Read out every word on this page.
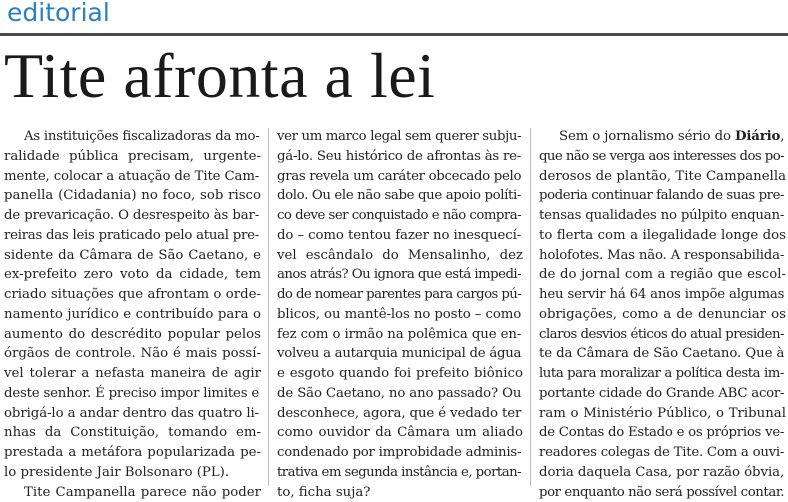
editorial
Tite afronta a lei
As instituições fiscalizadoras da mo-
ralidade pública precisam, urgente-
mente, colocar a atuação de Tite Cam-
panella (Cidadania) no foco, sob risco
de prevaricação. O desrespeito às bar-
reiras das leis praticado pelo atual pre-
sidente da Câmara de São Caetano, e
ex-prefeito zero voto da cidade, tem
criado situações que afrontam o orde-
namento jurídico e contribuído para o
aumento do descrédito popular pelos
órgãos de controle. Não é mais possí-
vel tolerar a nefasta maneira de agir
deste senhor. É preciso impor limites e
obrigá-lo a andar dentro das quatro li-
nhas da Constituição, tomando em-
prestada a metáfora popularizada pe-
lo presidente Jair Bolsonaro (PL).
Tite Campanella parece não poder
ver um marco legal sem querer subju-
gá-lo. Seu histórico de afrontas às re-
gras revela um caráter obcecado pelo
dolo. Ou ele não sabe que apoio políti-
co deve ser conquistado e não compra-
do – como tentou fazer no inesquecí-
vel escândalo do Mensalinho, dez
anos atrás? Ou ignora que está impedi-
do de nomear parentes para cargos pú-
blicos, ou mantê-los no posto – como
fez com o irmão na polêmica que en-
volveu a autarquia municipal de água
e esgoto quando foi prefeito biônico
de São Caetano, no ano passado? Ou
desconhece, agora, que é vedado ter
como ouvidor da Câmara um aliado
condenado por improbidade adminis-
trativa em segunda instância e, portan-
to, ficha suja?
Sem o jornalismo sério do Diário,
que não se verga aos interesses dos po-
derosos de plantão, Tite Campanella
poderia continuar falando de suas pre-
tensas qualidades no púlpito enquan-
to flerta com a ilegalidade longe dos
holofotes. Mas não. A responsabilida-
de do jornal com a região que escol-
heu servir há 64 anos impõe algumas
obrigações, como a de denunciar os
claros desvios éticos do atual presiden-
te da Câmara de São Caetano. Que à
luta para moralizar a política desta im-
portante cidade do Grande ABC acor-
ram o Ministério Público, o Tribunal
de Contas do Estado e os próprios ve-
readores colegas de Tite. Com a ouvi-
doria daquela Casa, por razão óbvia,
por enquanto não será possível contar.
